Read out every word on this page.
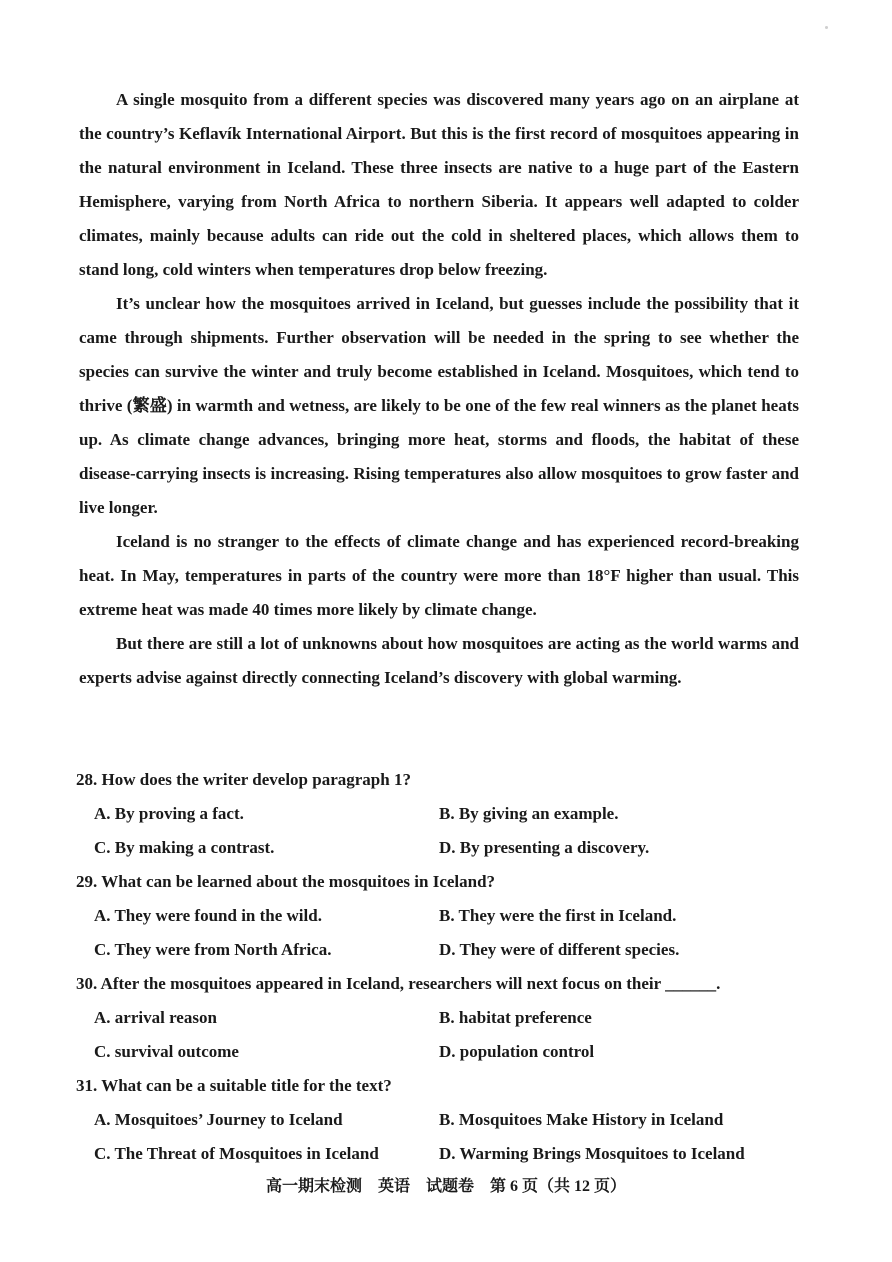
A single mosquito from a different species was discovered many years ago on an airplane at the country’s Keflavík International Airport. But this is the first record of mosquitoes appearing in the natural environment in Iceland. These three insects are native to a huge part of the Eastern Hemisphere, varying from North Africa to northern Siberia. It appears well adapted to colder climates, mainly because adults can ride out the cold in sheltered places, which allows them to stand long, cold winters when temperatures drop below freezing.

It’s unclear how the mosquitoes arrived in Iceland, but guesses include the possibility that it came through shipments. Further observation will be needed in the spring to see whether the species can survive the winter and truly become established in Iceland. Mosquitoes, which tend to thrive (繁盛) in warmth and wetness, are likely to be one of the few real winners as the planet heats up. As climate change advances, bringing more heat, storms and floods, the habitat of these disease-carrying insects is increasing. Rising temperatures also allow mosquitoes to grow faster and live longer.

Iceland is no stranger to the effects of climate change and has experienced record-breaking heat. In May, temperatures in parts of the country were more than 18°F higher than usual. This extreme heat was made 40 times more likely by climate change.

But there are still a lot of unknowns about how mosquitoes are acting as the world warms and experts advise against directly connecting Iceland’s discovery with global warming.

28. How does the writer develop paragraph 1?

A. By proving a fact.	B. By giving an example.
C. By making a contrast.	D. By presenting a discovery.

29. What can be learned about the mosquitoes in Iceland?

A. They were found in the wild.	B. They were the first in Iceland.
C. They were from North Africa.	D. They were of different species.

30. After the mosquitoes appeared in Iceland, researchers will next focus on their ______.

A. arrival reason	B. habitat preference
C. survival outcome	D. population control

31. What can be a suitable title for the text?

A. Mosquitoes’ Journey to Iceland	B. Mosquitoes Make History in Iceland
C. The Threat of Mosquitoes in Iceland	D. Warming Brings Mosquitoes to Iceland
高一期末检测 英语 试题卷 第 6 页（共 12 页）
